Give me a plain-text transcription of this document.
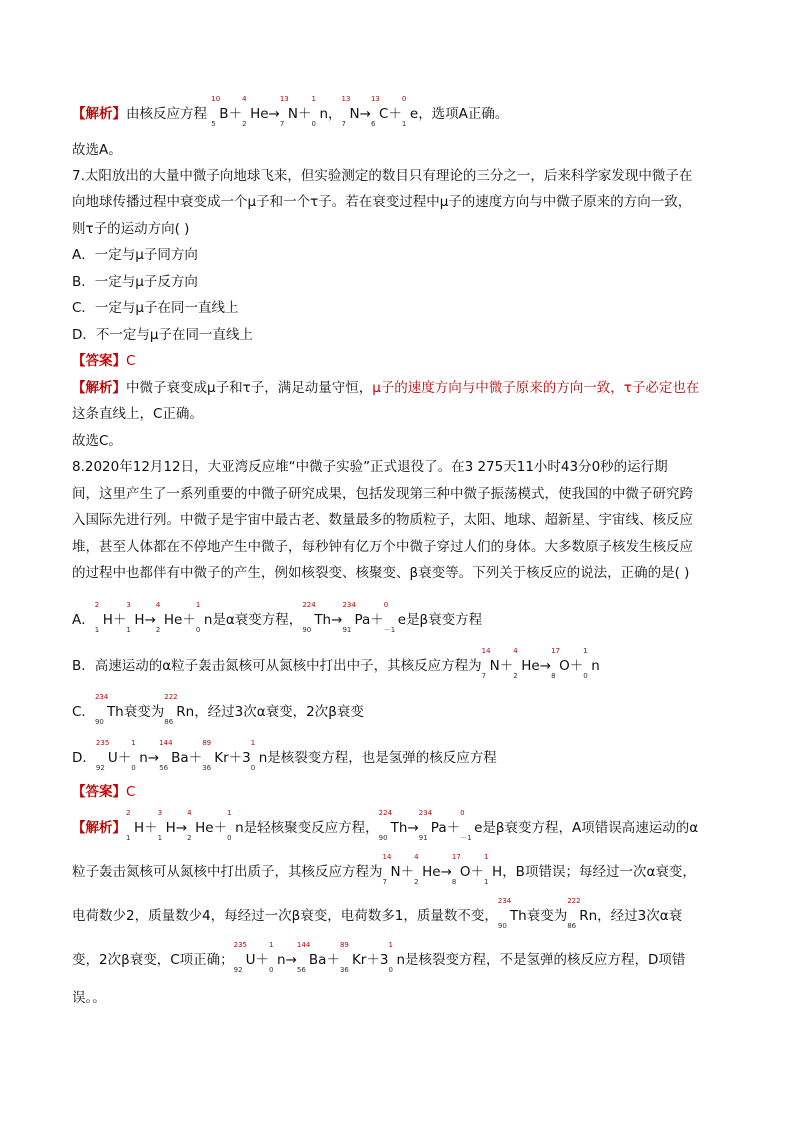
【解析】由核反应方程
10
5
B＋
4
2
He→
13
7
N＋
1
0
n，
13
7
N→
13
6
C＋
0
1
e，选项A正确。
故选A。
7.太阳放出的大量中微子向地球飞来，但实验测定的数目只有理论的三分之一，后来科学家发现中微子在
向地球传播过程中衰变成一个μ子和一个τ子。若在衰变过程中μ子的速度方向与中微子原来的方向一致，
则τ子的运动方向( )
A．一定与μ子同方向
B．一定与μ子反方向
C．一定与μ子在同一直线上
D．不一定与μ子在同一直线上
【答案】C
【解析】中微子衰变成μ子和τ子，满足动量守恒，μ子的速度方向与中微子原来的方向一致，τ子必定也在
这条直线上，C正确。
故选C。
8.2020年12月12日，大亚湾反应堆“中微子实验”正式退役了。在3 275天11小时43分0秒的运行期
间，这里产生了一系列重要的中微子研究成果，包括发现第三种中微子振荡模式，使我国的中微子研究跨
入国际先进行列。中微子是宇宙中最古老、数量最多的物质粒子，太阳、地球、超新星、宇宙线、核反应
堆，甚至人体都在不停地产生中微子，每秒钟有亿万个中微子穿过人们的身体。大多数原子核发生核反应
的过程中也都伴有中微子的产生，例如核裂变、核聚变、β衰变等。下列关于核反应的说法，正确的是( )
A．
2
1
H＋
3
1
H→
4
2
He＋
1
0
n是α衰变方程，
224
90
Th→
234
91
Pa＋
0
－1
e是β衰变方程
B．高速运动的α粒子轰击氮核可从氮核中打出中子，其核反应方程为
14
7
N＋
4
2
He→
17
8
O＋
1
0
n
C．
234
90
Th衰变为
222
86
Rn，经过3次α衰变，2次β衰变
D．
235
92
U＋
1
0
n→
144
56
Ba＋
89
36
Kr＋3
1
0
n是核裂变方程，也是氢弹的核反应方程
【答案】C
【解析】
2
1
H＋
3
1
H→
4
2
He＋
1
0
n是轻核聚变反应方程，
224
90
Th→
234
91
Pa＋
0
－1
e是β衰变方程，A项错误高速运动的α
粒子轰击氮核可从氮核中打出质子，其核反应方程为
14
7
N＋
4
2
He→
17
8
O＋
1
1
H，B项错误；每经过一次α衰变，
电荷数少2，质量数少4，每经过一次β衰变，电荷数多1，质量数不变，
234
90
Th衰变为
222
86
Rn，经过3次α衰
变，2次β衰变，C项正确；
235
92
U＋
1
0
n→
144
56
Ba＋
89
36
Kr＋3
1
0
n是核裂变方程，不是氢弹的核反应方程，D项错
误。。
